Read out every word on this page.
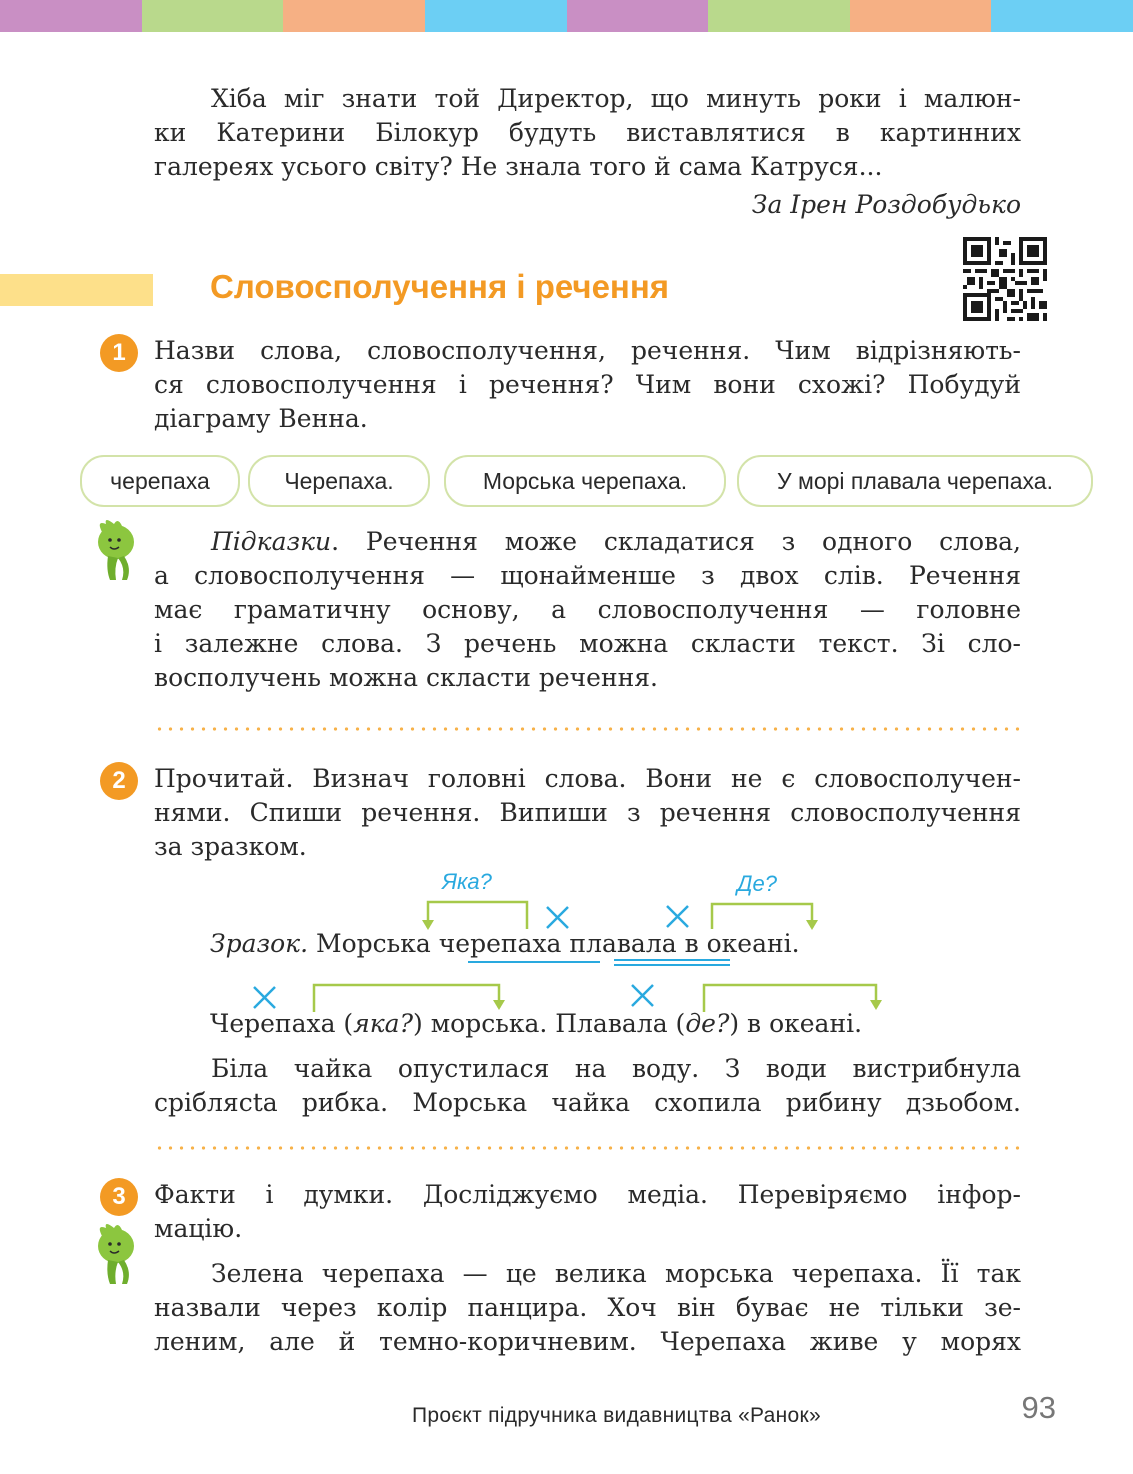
Хіба міг знати той Директор, що минуть роки і малюн-
ки Катерини Білокур будуть виставлятися в картинних
галереях усього світу? Не знала того й сама Катруся...
За Ірен Роздобудько
Словосполучення і речення
1	Назви слова, словосполучення, речення. Чим відрізняють-
ся словосполучення і речення? Чим вони схожі? Побудуй
діаграму Венна.
черепаха	Черепаха.	Морська черепаха.	У морі плавала черепаха.
Підказки. Речення може складатися з одного слова,
а словосполучення — щонайменше з двох слів. Речення
має граматичну основу, а словосполучення — головне
і залежне слова. З речень можна скласти текст. Зі сло-
восполучень можна скласти речення.
2	Прочитай. Визнач головні слова. Вони не є словосполучен-
нями. Спиши речення. Випиши з речення словосполучення
за зразком.
Яка?	Де?
Зразок. Морська черепаха плавала в океані.
Черепаха (яка?) морська. Плавала (де?) в океані.
Біла чайка опустилася на воду. З води вистрибнула
сріблясta рибка. Морська чайка схопила рибину дзьобом.
3	Факти і думки. Досліджуємо медіа. Перевіряємо інфор-
мацію.
Зелена черепаха — це велика морська черепаха. Її так
назвали через колір панцира. Хоч він буває не тільки зе-
леним, але й темно-коричневим. Черепаха живе у морях
Проєкт підручника видавництва «Ранок»	93
